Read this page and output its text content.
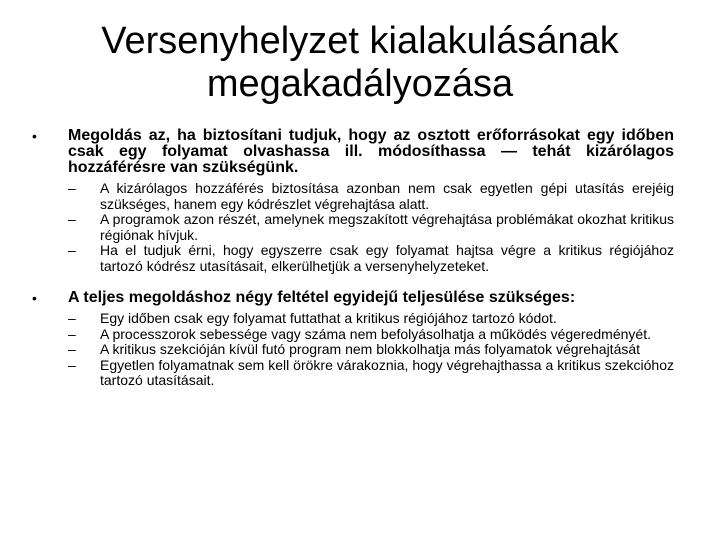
Versenyhelyzet kialakulásának
megakadályozása
• Megoldás az, ha biztosítani tudjuk, hogy az osztott erőforrásokat egy időben csak egy folyamat olvashassa ill. módosíthassa — tehát kizárólagos hozzáférésre van szükségünk.
– A kizárólagos hozzáférés biztosítása azonban nem csak egyetlen gépi utasítás erejéig szükséges, hanem egy kódrészlet végrehajtása alatt.
– A programok azon részét, amelynek megszakított végrehajtása problémákat okozhat kritikus régiónak hívjuk.
– Ha el tudjuk érni, hogy egyszerre csak egy folyamat hajtsa végre a kritikus régiójához tartozó kódrész utasításait, elkerülhetjük a versenyhelyzeteket.
• A teljes megoldáshoz négy feltétel egyidejű teljesülése szükséges:
– Egy időben csak egy folyamat futtathat a kritikus régiójához tartozó kódot.
– A processzorok sebessége vagy száma nem befolyásolhatja a működés végeredményét.
– A kritikus szekcióján kívül futó program nem blokkolhatja más folyamatok végrehajtását
– Egyetlen folyamatnak sem kell örökre várakoznia, hogy végrehajthassa a kritikus szekcióhoz tartozó utasításait.
